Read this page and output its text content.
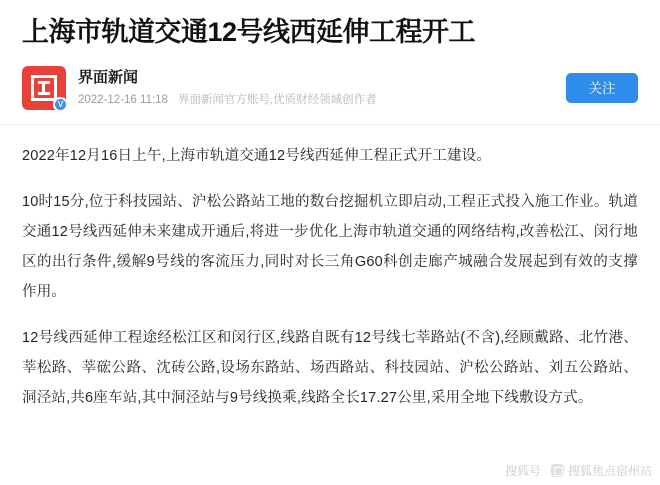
上海市轨道交通12号线西延伸工程开工
V
界面新闻
2022-12-16 11:18 界面新闻官方账号,优质财经领域创作者
关注

2022年12月16日上午,上海市轨道交通12号线西延伸工程正式开工建设。

10时15分,位于科技园站、沪松公路站工地的数台挖掘机立即启动,工程正式投入施工作业。轨道交通12号线西延伸未来建成开通后,将进一步优化上海市轨道交通的网络结构,改善松江、闵行地区的出行条件,缓解9号线的客流压力,同时对长三角G60科创走廊产城融合发展起到有效的支撑作用。

12号线西延伸工程途经松江区和闵行区,线路自既有12号线七莘路站(不含),经顾戴路、北竹港、莘松路、莘硡公路、沈砖公路,设场东路站、场西路站、科技园站、沪松公路站、刘五公路站、洞泾站,共6座车站,其中洞泾站与9号线换乘,线路全长17.27公里,采用全地下线敷设方式。

搜狐号 搜狐焦点宿州站
